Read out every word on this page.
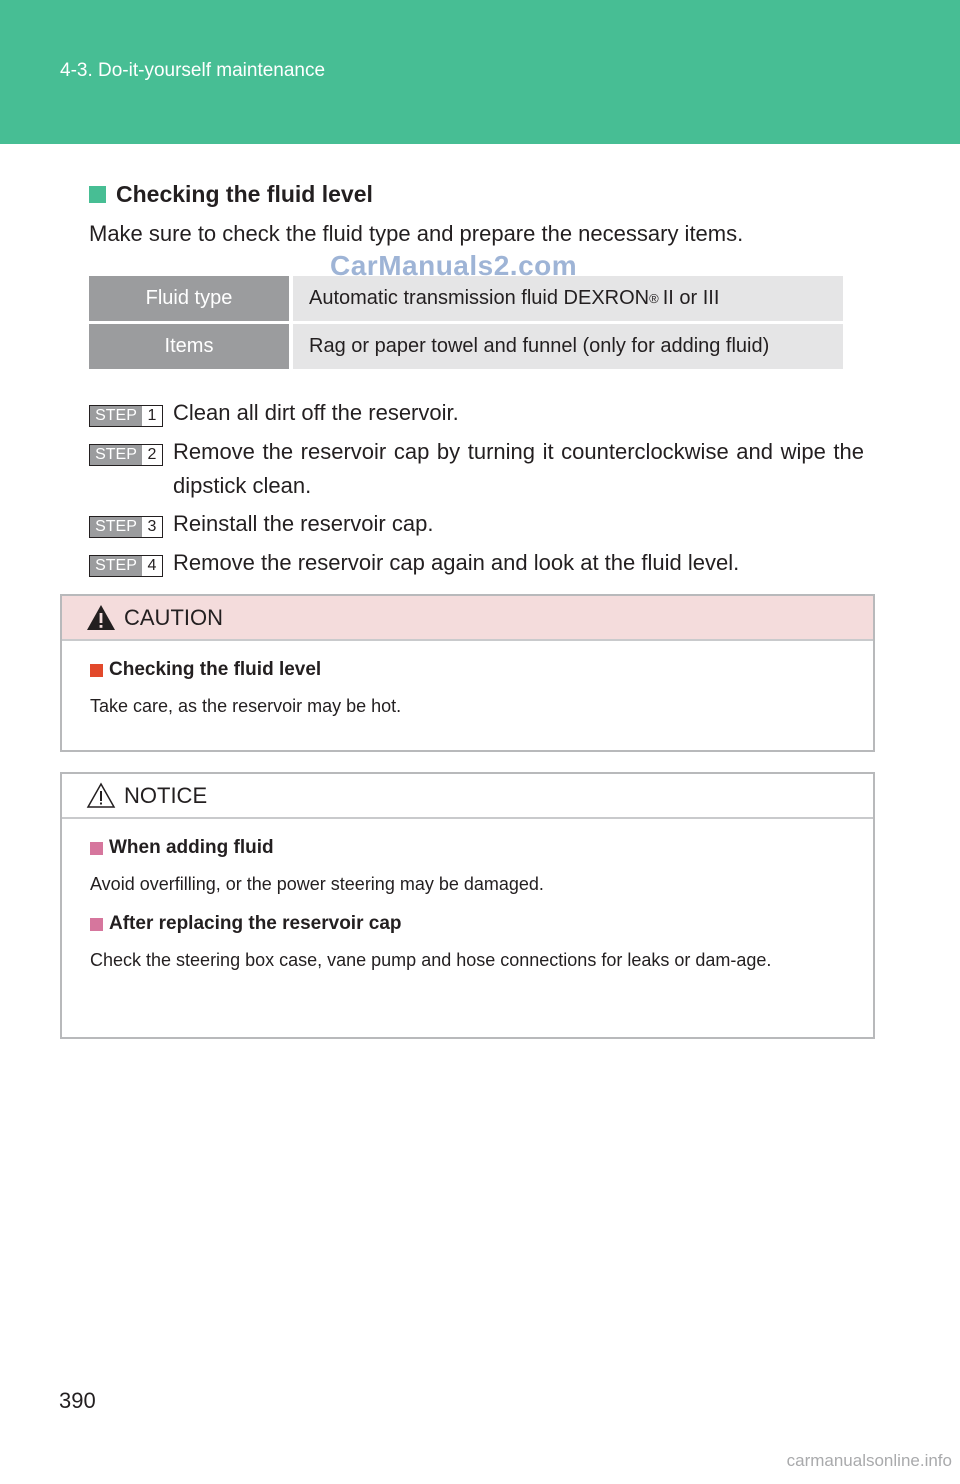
4-3. Do-it-yourself maintenance
Checking the fluid level
Make sure to check the fluid type and prepare the necessary items.
Fluid type	Automatic transmission fluid DEXRON ® II or III
Items	Rag or paper towel and funnel (only for adding fluid)
CarManuals2.com
STEP 1 Clean all dirt off the reservoir.
STEP 2 Remove the reservoir cap by turning it counterclockwise and wipe the dipstick clean.
STEP 3 Reinstall the reservoir cap.
STEP 4 Remove the reservoir cap again and look at the fluid level.
CAUTION
Checking the fluid level
Take care, as the reservoir may be hot.
NOTICE
When adding fluid
Avoid overfilling, or the power steering may be damaged.
After replacing the reservoir cap
Check the steering box case, vane pump and hose connections for leaks or dam-age.
390
carmanualsonline.info
